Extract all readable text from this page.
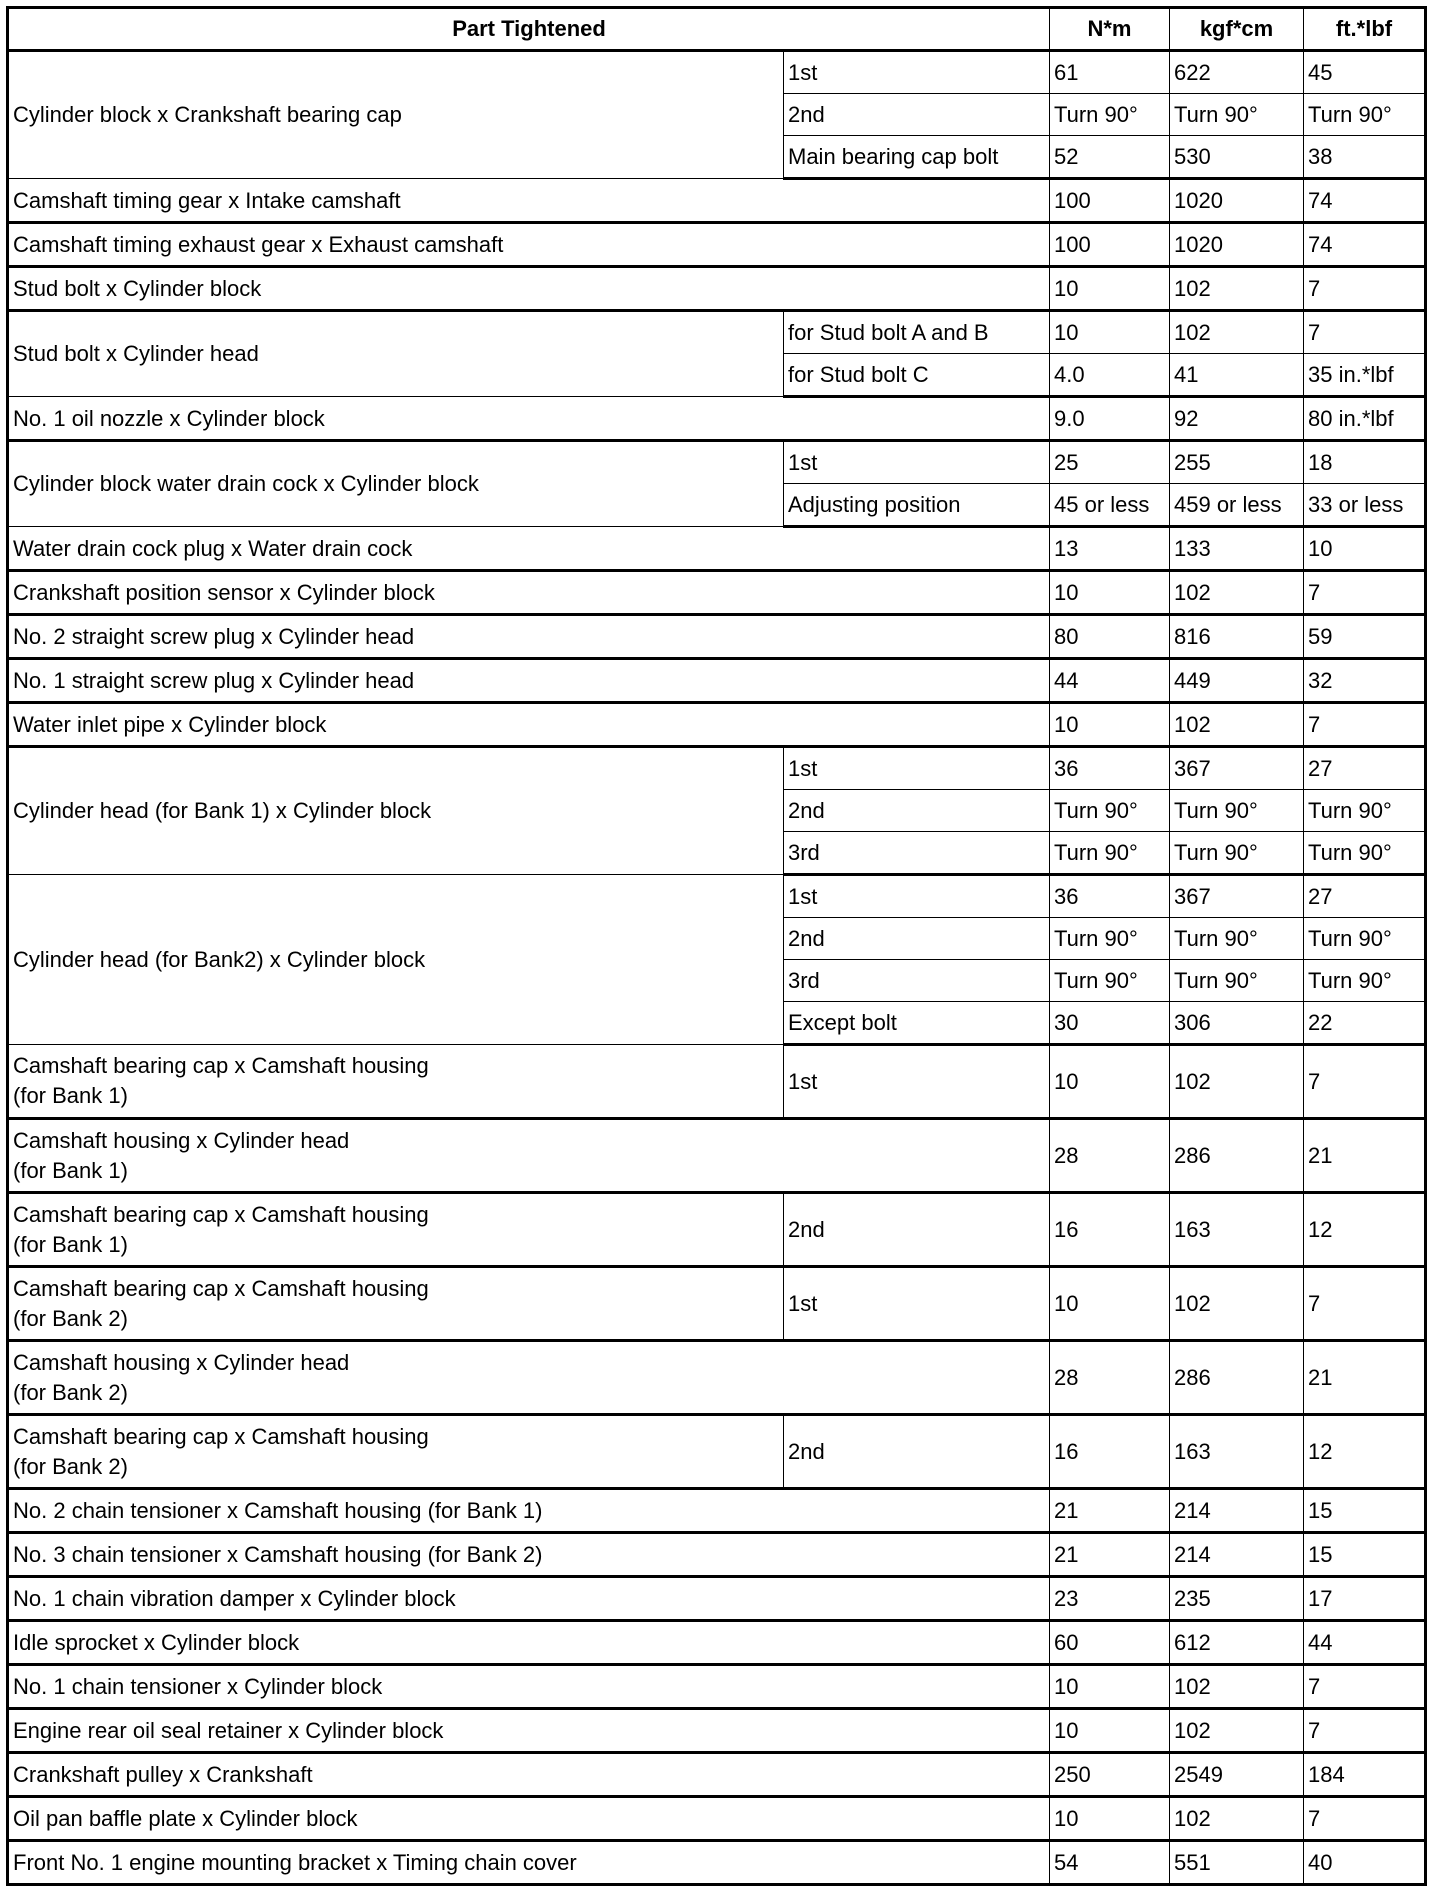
Part Tightened		N*m	kgf*cm	ft.*lbf
Cylinder block x Crankshaft bearing cap	1st	61	622	45
	2nd	Turn 90°	Turn 90°	Turn 90°
	Main bearing cap bolt	52	530	38

Camshaft timing gear x Intake camshaft		100	1020	74

Camshaft timing exhaust gear x Exhaust camshaft		100	1020	74

Stud bolt x Cylinder block		10	102	7
Stud bolt x Cylinder head	for Stud bolt A and B	10	102	7
	for Stud bolt C	4.0	41	35 in.*lbf

No. 1 oil nozzle x Cylinder block		9.0	92	80 in.*lbf
Cylinder block water drain cock x Cylinder block	1st	25	255	18
	Adjusting position	45 or less	459 or less	33 or less

Water drain cock plug x Water drain cock		13	133	10

Crankshaft position sensor x Cylinder block		10	102	7

No. 2 straight screw plug x Cylinder head		80	816	59

No. 1 straight screw plug x Cylinder head		44	449	32

Water inlet pipe x Cylinder block		10	102	7
Cylinder head (for Bank 1) x Cylinder block	1st	36	367	27
	2nd	Turn 90°	Turn 90°	Turn 90°
	3rd	Turn 90°	Turn 90°	Turn 90°
Cylinder head (for Bank2) x Cylinder block	1st	36	367	27
	2nd	Turn 90°	Turn 90°	Turn 90°
	3rd	Turn 90°	Turn 90°	Turn 90°
	Except bolt	30	306	22

Camshaft bearing cap x Camshaft housing
(for Bank 1)	1st	10	102	7

Camshaft housing x Cylinder head
(for Bank 1)		28	286	21

Camshaft bearing cap x Camshaft housing
(for Bank 1)	2nd	16	163	12

Camshaft bearing cap x Camshaft housing
(for Bank 2)	1st	10	102	7

Camshaft housing x Cylinder head
(for Bank 2)		28	286	21

Camshaft bearing cap x Camshaft housing
(for Bank 2)	2nd	16	163	12

No. 2 chain tensioner x Camshaft housing (for Bank 1)		21	214	15

No. 3 chain tensioner x Camshaft housing (for Bank 2)		21	214	15

No. 1 chain vibration damper x Cylinder block		23	235	17

Idle sprocket x Cylinder block		60	612	44

No. 1 chain tensioner x Cylinder block		10	102	7

Engine rear oil seal retainer x Cylinder block		10	102	7

Crankshaft pulley x Crankshaft		250	2549	184

Oil pan baffle plate x Cylinder block		10	102	7

Front No. 1 engine mounting bracket x Timing chain cover		54	551	40
